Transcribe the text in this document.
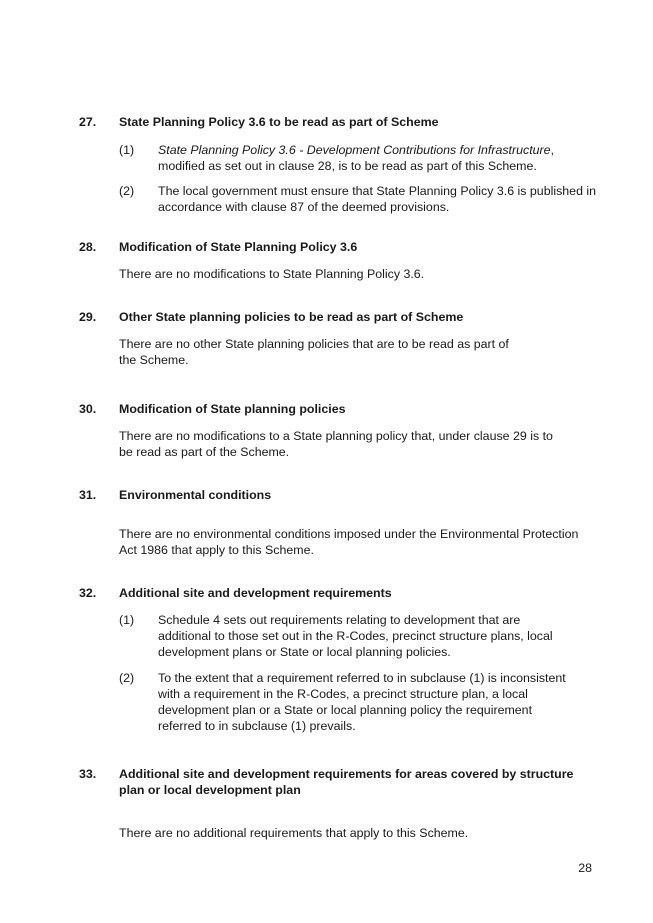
27.	State Planning Policy 3.6 to be read as part of Scheme
(1)	State Planning Policy 3.6 - Development Contributions for Infrastructure, modified as set out in clause 28, is to be read as part of this Scheme.
(2)	The local government must ensure that State Planning Policy 3.6 is published in accordance with clause 87 of the deemed provisions.
28.	Modification of State Planning Policy 3.6

There are no modifications to State Planning Policy 3.6.

29.	Other State planning policies to be read as part of Scheme

There are no other State planning policies that are to be read as part of the Scheme.

30.	Modification of State planning policies

There are no modifications to a State planning policy that, under clause 29 is to be read as part of the Scheme.

31.	Environmental conditions

There are no environmental conditions imposed under the Environmental Protection Act 1986 that apply to this Scheme.

32.	Additional site and development requirements
(1)	Schedule 4 sets out requirements relating to development that are additional to those set out in the R-Codes, precinct structure plans, local development plans or State or local planning policies.
(2)	To the extent that a requirement referred to in subclause (1) is inconsistent with a requirement in the R-Codes, a precinct structure plan, a local development plan or a State or local planning policy the requirement referred to in subclause (1) prevails.
33.	Additional site and development requirements for areas covered by structure plan or local development plan

There are no additional requirements that apply to this Scheme.

28
